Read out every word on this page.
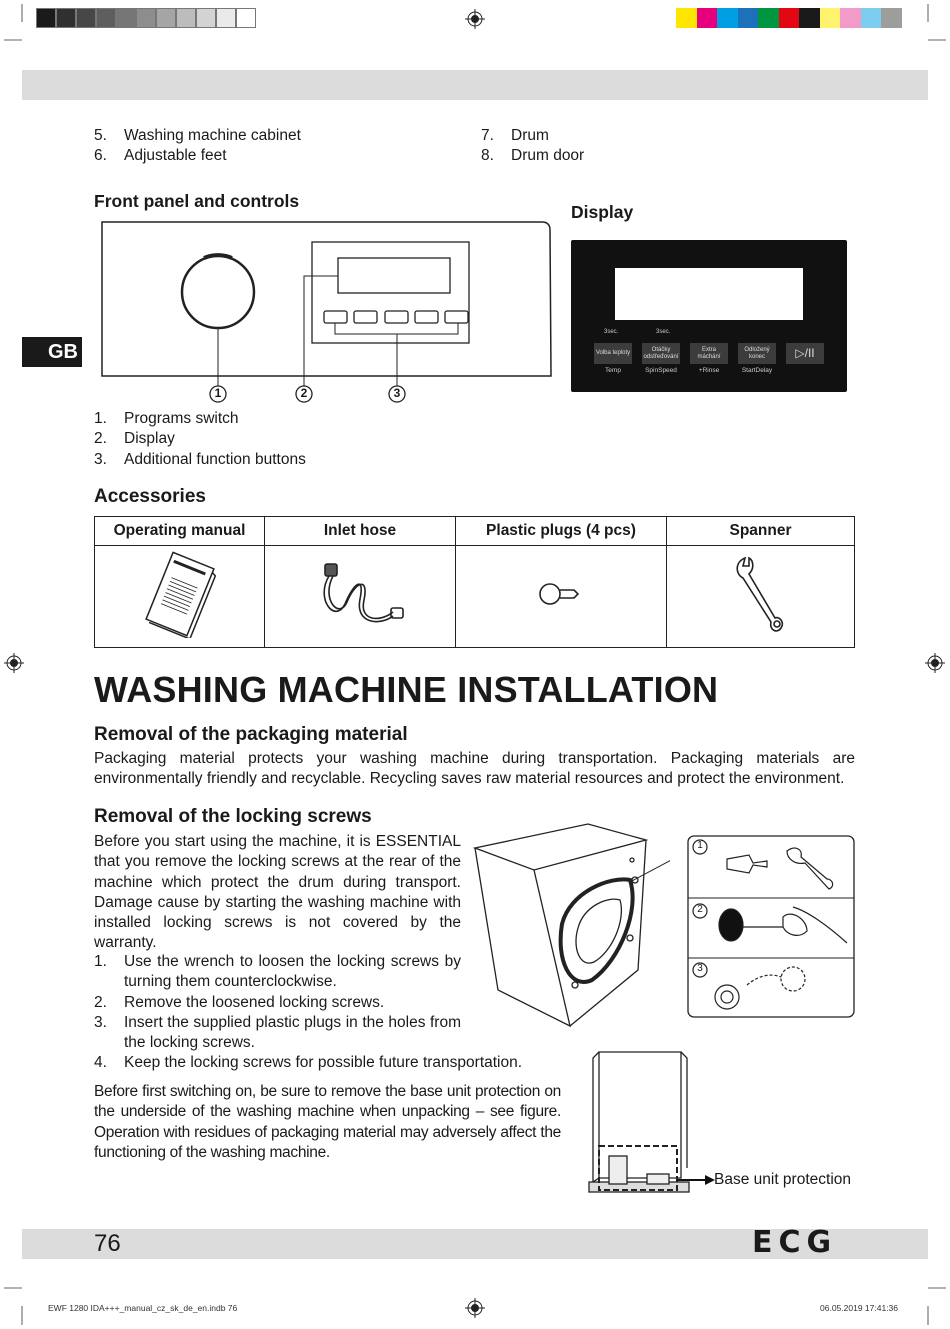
5.	Washing machine cabinet
6.	Adjustable feet
7.	Drum
8.	Drum door
Front panel and controls
Display
1	2	3
3sec.	3sec.
Volba teploty
Otáčky odstřeďování
Extra máchání
Odložený konec	▷/II
Temp	SpinSpeed	+Rinse	StartDelay
GB
1.	Programs switch
2.	Display
3.	Additional function buttons
Accessories
Operating manual	Inlet hose	Plastic plugs (4 pcs)	Spanner

WASHING MACHINE INSTALLATION
Removal of the packaging material
Packaging material protects your washing machine during transportation. Packaging materials are environmentally friendly and recyclable. Recycling saves raw material resources and protect the environment.
Removal of the locking screws
Before you start using the machine, it is ESSENTIAL that you remove the locking screws at the rear of the machine which protect the drum during transport. Damage cause by starting the washing machine with installed locking screws is not covered by the warranty.
1.	Use the wrench to loosen the locking screws by turning them counterclockwise.
2.	Remove the loosened locking screws.
3.	Insert the supplied plastic plugs in the holes from the locking screws.
4.	Keep the locking screws for possible future transportation.
1
2
3
Before first switching on, be sure to remove the base unit protection on the underside of the washing machine when unpacking – see figure. Operation with residues of packaging material may adversely affect the functioning of the washing machine.
Base unit protection
76	ECG
EWF 1280 IDA+++_manual_cz_sk_de_en.indb 76	06.05.2019 17:41:36
